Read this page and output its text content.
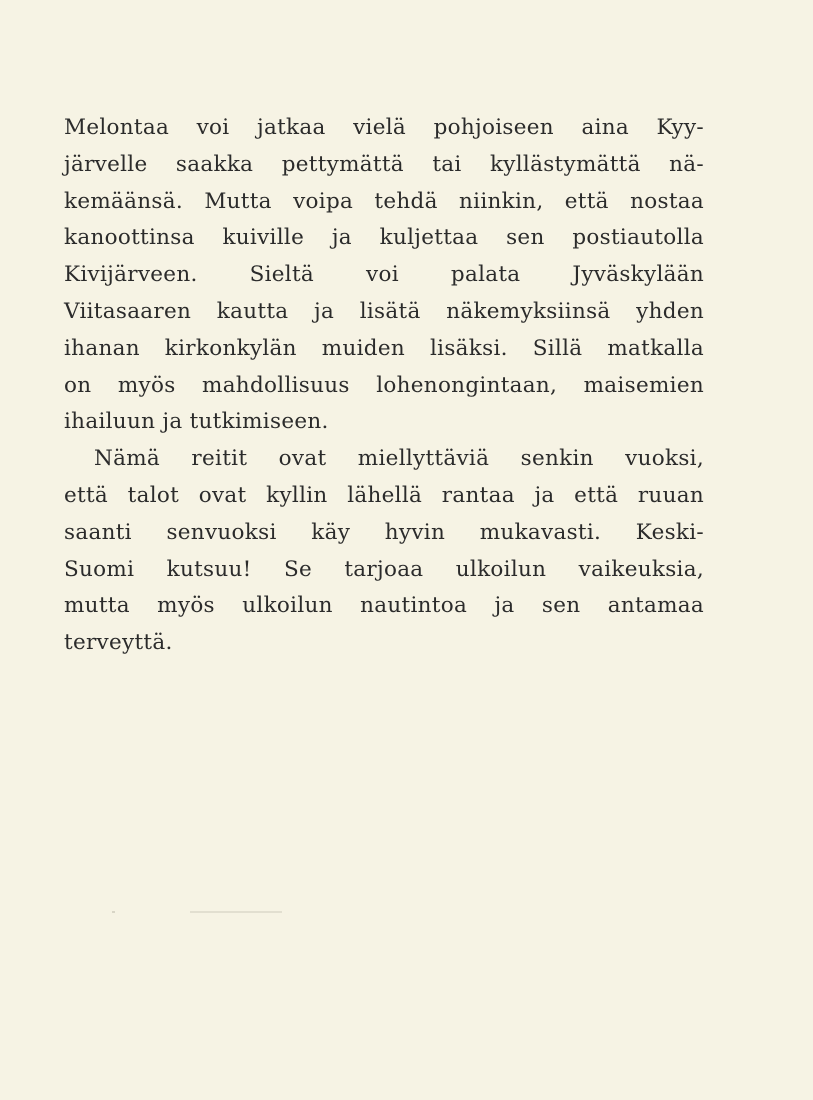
Melontaa voi jatkaa vielä pohjoiseen aina Kyy-
järvelle saakka pettymättä tai kyllästymättä nä-
kemäänsä. Mutta voipa tehdä niinkin, että nostaa
kanoottinsa kuiville ja kuljettaa sen postiautolla
Kivijärveen. Sieltä voi palata Jyväskylään
Viitasaaren kautta ja lisätä näkemyksiinsä yhden
ihanan kirkonkylän muiden lisäksi. Sillä matkalla
on myös mahdollisuus lohenongintaan, maisemien
ihailuun ja tutkimiseen.
Nämä reitit ovat miellyttäviä senkin vuoksi,
että talot ovat kyllin lähellä rantaa ja että ruuan
saanti senvuoksi käy hyvin mukavasti. Keski-
Suomi kutsuu! Se tarjoaa ulkoilun vaikeuksia,
mutta myös ulkoilun nautintoa ja sen antamaa
terveyttä.
